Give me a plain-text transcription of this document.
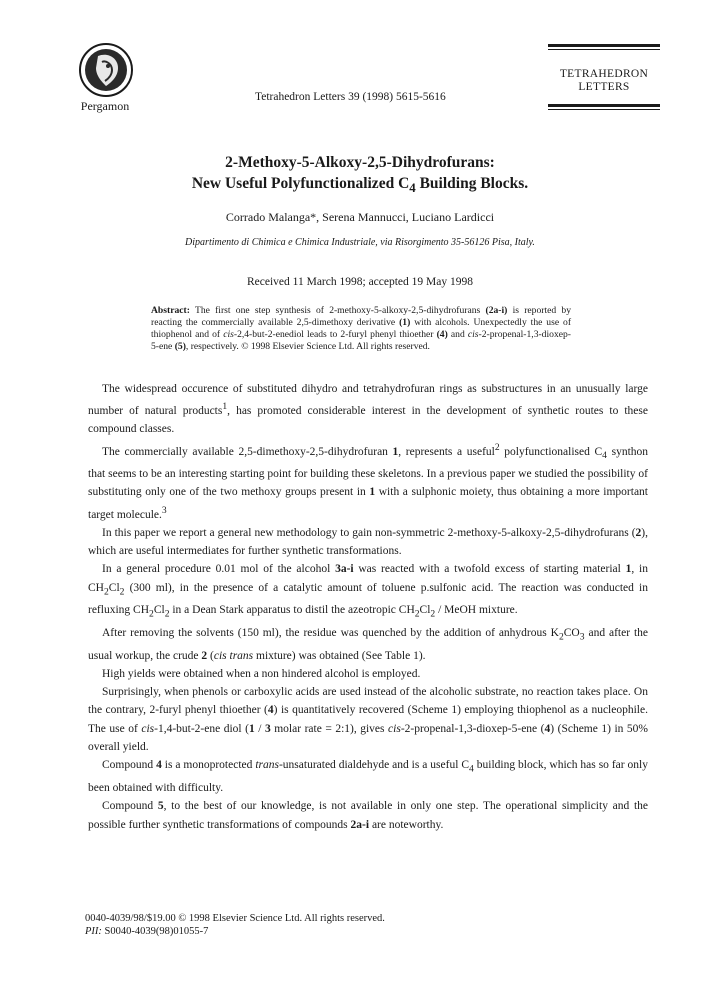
Pergamon
Tetrahedron Letters 39 (1998) 5615-5616
TETRAHEDRON
LETTERS
2-Methoxy-5-Alkoxy-2,5-Dihydrofurans:
New Useful Polyfunctionalized $C_4$ Building Blocks.
Corrado Malanga*, Serena Mannucci, Luciano Lardicci
Dipartimento di Chimica e Chimica Industriale, via Risorgimento 35-56126 Pisa, Italy.
Received 11 March 1998; accepted 19 May 1998
Abstract: The first one step synthesis of 2-methoxy-5-alkoxy-2,5-dihydrofurans (2a-i) is reported by reacting the commercially available 2,5-dimethoxy derivative (1) with alcohols. Unexpectedly the use of thiophenol and of cis-2,4-but-2-enediol leads to 2-furyl phenyl thioether (4) and cis-2-propenal-1,3-dioxep-5-ene (5), respectively. © 1998 Elsevier Science Ltd. All rights reserved.

The widespread occurence of substituted dihydro and tetrahydrofuran rings as substructures in an unusually large number of natural products$^1$, has promoted considerable interest in the development of synthetic routes to these compound classes.

The commercially available 2,5-dimethoxy-2,5-dihydrofuran 1, represents a useful$^2$ polyfunctionalised $C_4$ synthon that seems to be an interesting starting point for building these skeletons. In a previous paper we studied the possibility of substituting only one of the two methoxy groups present in 1 with a sulphonic moiety, thus obtaining a more important target molecule.$^3$

In this paper we report a general new methodology to gain non-symmetric 2-methoxy-5-alkoxy-2,5-dihydrofurans (2), which are useful intermediates for further synthetic transformations.

In a general procedure 0.01 mol of the alcohol 3a-i was reacted with a twofold excess of starting material 1, in $CH_2Cl_2$ (300 ml), in the presence of a catalytic amount of toluene p.sulfonic acid. The reaction was conducted in refluxing $CH_2Cl_2$ in a Dean Stark apparatus to distil the azeotropic $CH_2Cl_2$ / MeOH mixture.

After removing the solvents (150 ml), the residue was quenched by the addition of anhydrous $K_2CO_3$ and after the usual workup, the crude 2 (cis trans mixture) was obtained (See Table 1).

High yields were obtained when a non hindered alcohol is employed.

Surprisingly, when phenols or carboxylic acids are used instead of the alcoholic substrate, no reaction takes place. On the contrary, 2-furyl phenyl thioether (4) is quantitatively recovered (Scheme 1) employing thiophenol as a nucleophile. The use of cis-1,4-but-2-ene diol (1 / 3 molar rate = 2:1), gives cis-2-propenal-1,3-dioxep-5-ene (4) (Scheme 1) in 50% overall yield.

Compound 4 is a monoprotected trans-unsaturated dialdehyde and is a useful $C_4$ building block, which has so far only been obtained with difficulty.

Compound 5, to the best of our knowledge, is not available in only one step. The operational simplicity and the possible further synthetic transformations of compounds 2a-i are noteworthy.

0040-4039/98/$19.00 © 1998 Elsevier Science Ltd. All rights reserved.
PII: S0040-4039(98)01055-7
